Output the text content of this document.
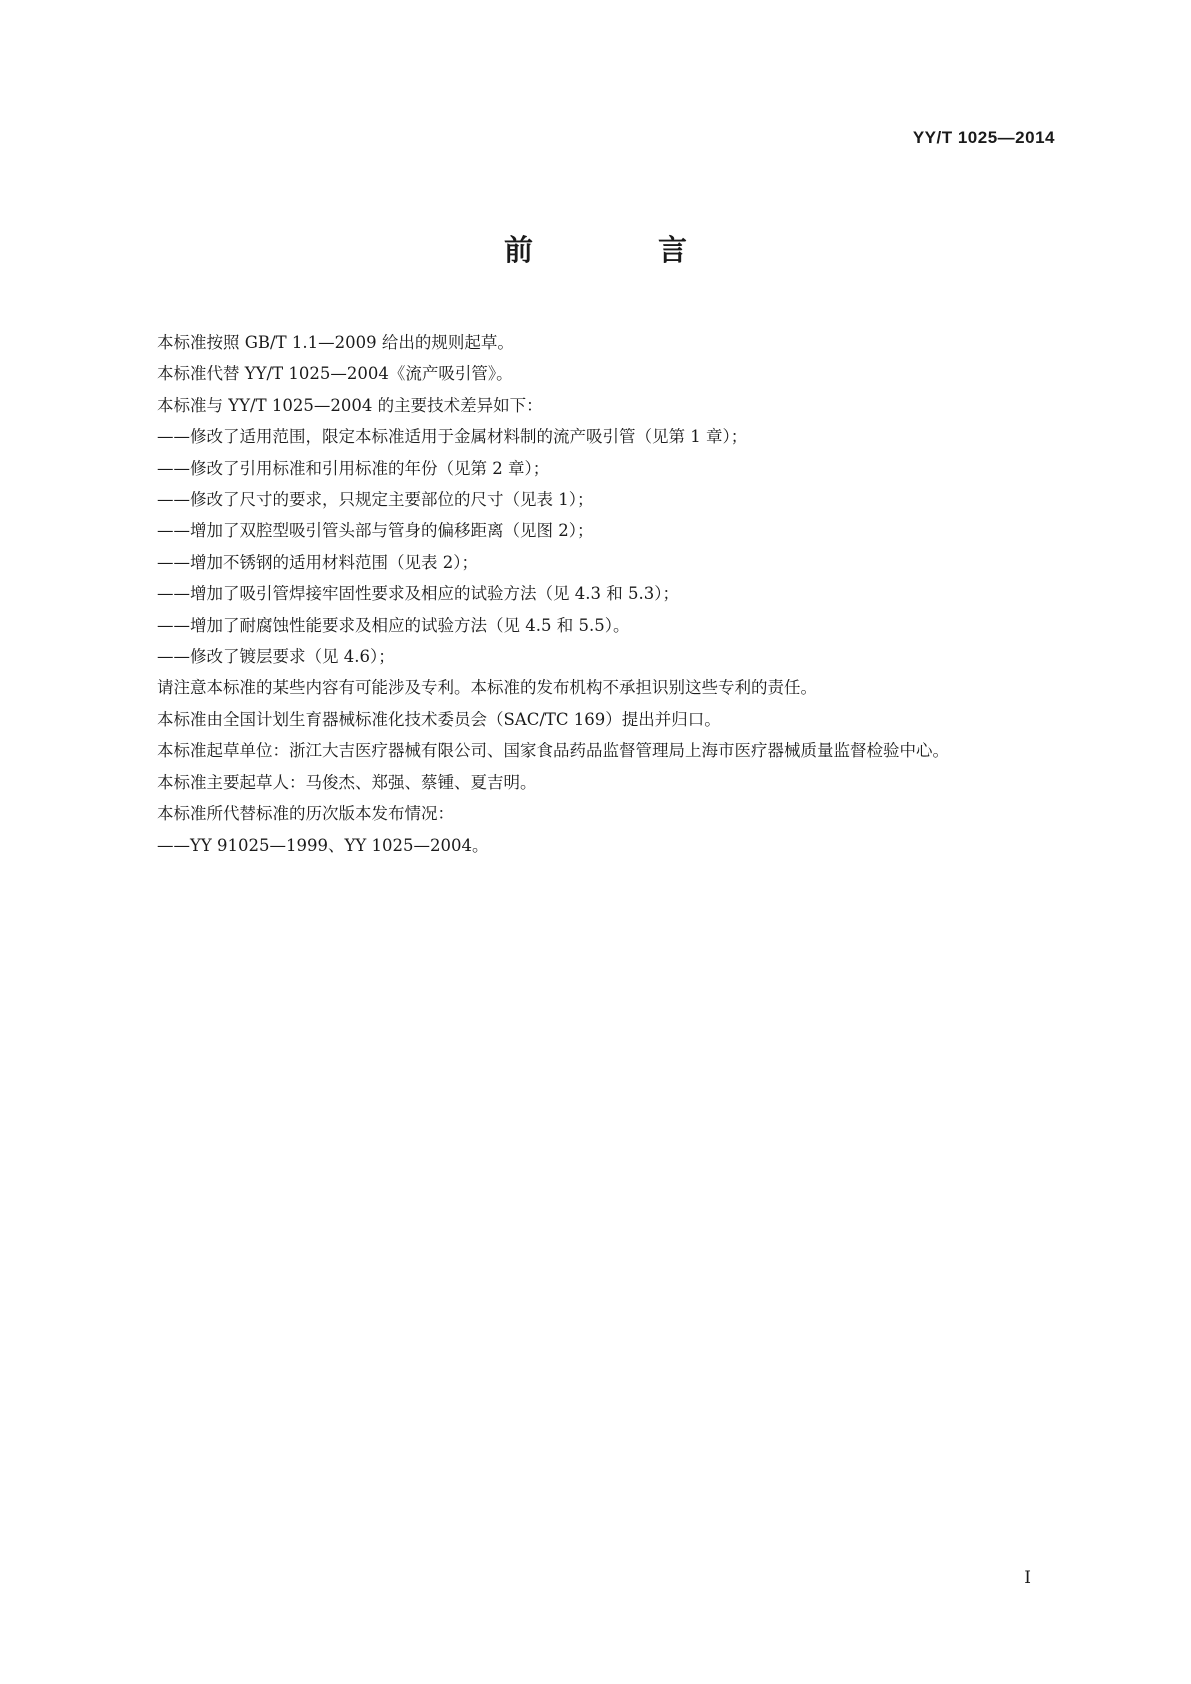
YY/T 1025—2014
前　言

本标准按照 GB/T 1.1—2009 给出的规则起草。

本标准代替 YY/T 1025—2004《流产吸引管》。

本标准与 YY/T 1025—2004 的主要技术差异如下：

——修改了适用范围，限定本标准适用于金属材料制的流产吸引管（见第 1 章）；

——修改了引用标准和引用标准的年份（见第 2 章）；

——修改了尺寸的要求，只规定主要部位的尺寸（见表 1）；

——增加了双腔型吸引管头部与管身的偏移距离（见图 2）；

——增加不锈钢的适用材料范围（见表 2）；

——增加了吸引管焊接牢固性要求及相应的试验方法（见 4.3 和 5.3）；

——增加了耐腐蚀性能要求及相应的试验方法（见 4.5 和 5.5）。

——修改了镀层要求（见 4.6）；

请注意本标准的某些内容有可能涉及专利。本标准的发布机构不承担识别这些专利的责任。

本标准由全国计划生育器械标准化技术委员会（SAC/TC 169）提出并归口。

本标准起草单位：浙江大吉医疗器械有限公司、国家食品药品监督管理局上海市医疗器械质量监督检验中心。

本标准主要起草人：马俊杰、郑强、蔡锺、夏吉明。

本标准所代替标准的历次版本发布情况：

——YY 91025—1999、YY 1025—2004。

I
